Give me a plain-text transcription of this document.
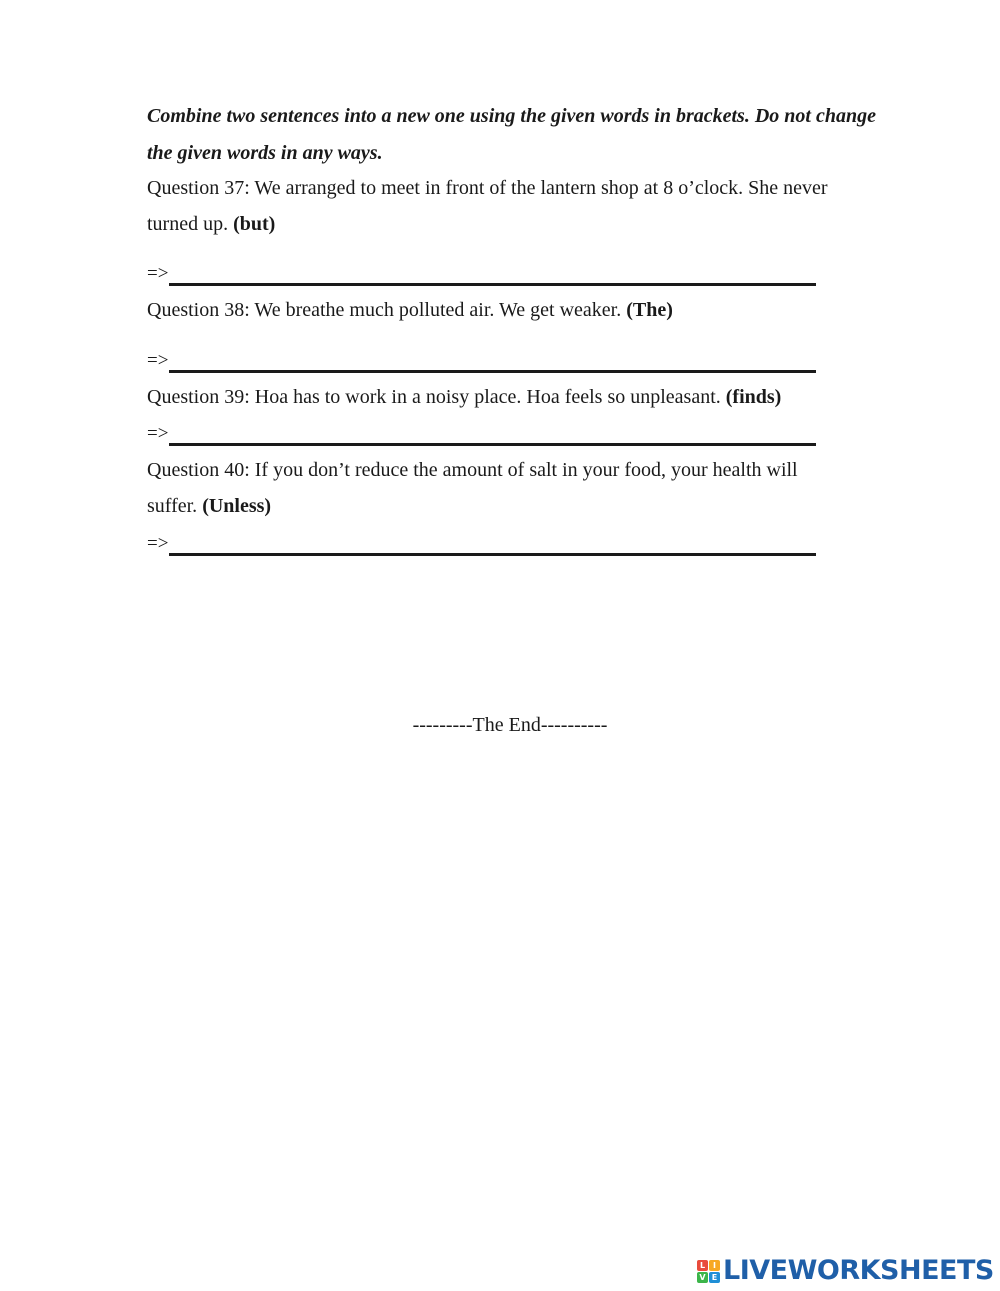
Combine two sentences into a new one using the given words in brackets. Do not change the given words in any ways.
Question 37: We arranged to meet in front of the lantern shop at 8 o’clock. She never
turned up. (but)
=>
Question 38: We breathe much polluted air. We get weaker. (The)
=>
Question 39: Hoa has to work in a noisy place. Hoa feels so unpleasant. (finds)
=>
Question 40: If you don’t reduce the amount of salt in your food, your health will
suffer. (Unless)
=>
---------The End----------
L I
V E LIVEWORKSHEETS
